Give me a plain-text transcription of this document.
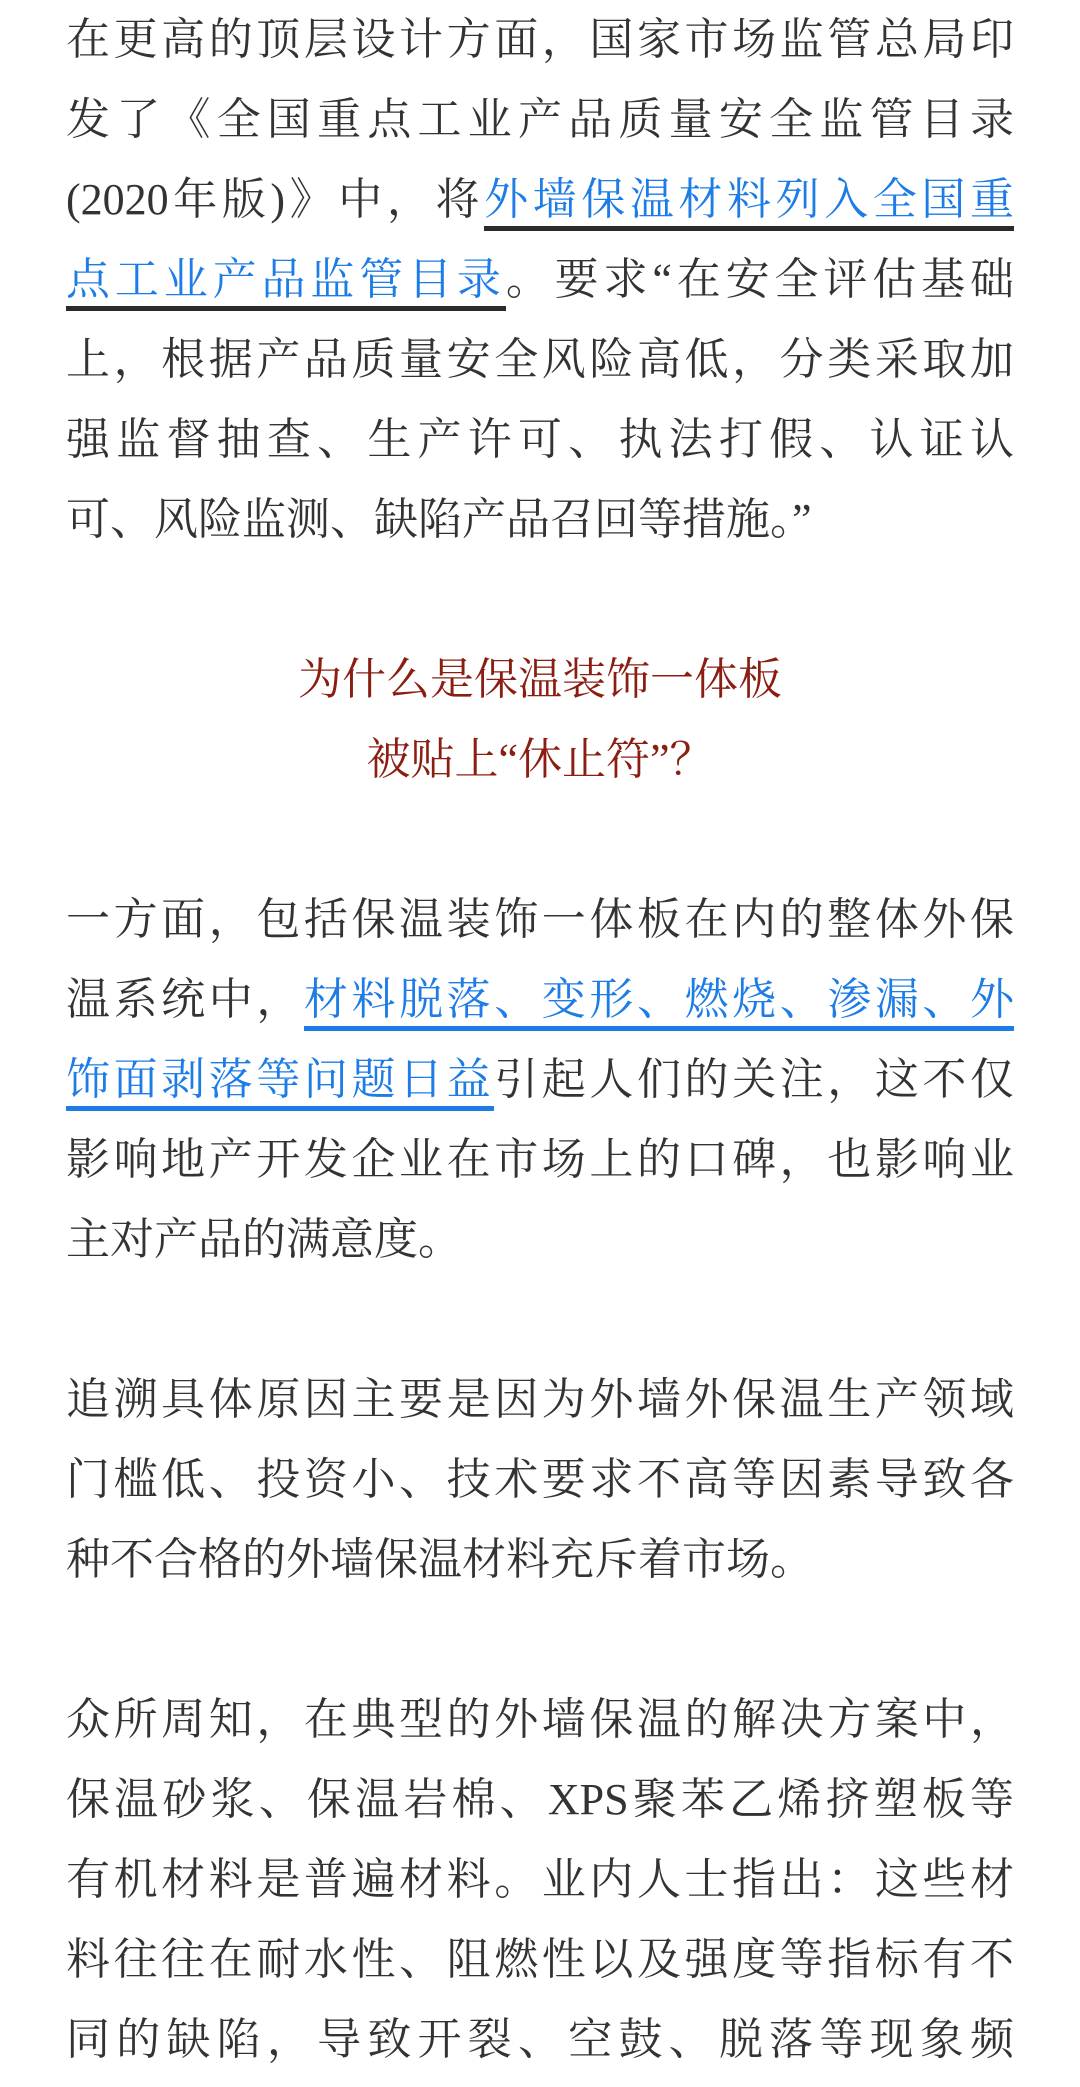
在更高的顶层设计方面，国家市场监管总局印
发了《全国重点工业产品质量安全监管目录
(2020年版)》中，将外墙保温材料列入全国重
点工业产品监管目录。要求“在安全评估基础
上，根据产品质量安全风险高低，分类采取加
强监督抽查、生产许可、执法打假、认证认
可、风险监测、缺陷产品召回等措施。”
为什么是保温装饰一体板
被贴上“休止符”？
一方面，包括保温装饰一体板在内的整体外保
温系统中，材料脱落、变形、燃烧、渗漏、外
饰面剥落等问题日益引起人们的关注，这不仅
影响地产开发企业在市场上的口碑，也影响业
主对产品的满意度。
追溯具体原因主要是因为外墙外保温生产领域
门槛低、投资小、技术要求不高等因素导致各
种不合格的外墙保温材料充斥着市场。
众所周知，在典型的外墙保温的解决方案中，
保温砂浆、保温岩棉、XPS聚苯乙烯挤塑板等
有机材料是普遍材料。业内人士指出：这些材
料往往在耐水性、阻燃性以及强度等指标有不
同的缺陷，导致开裂、空鼓、脱落等现象频
